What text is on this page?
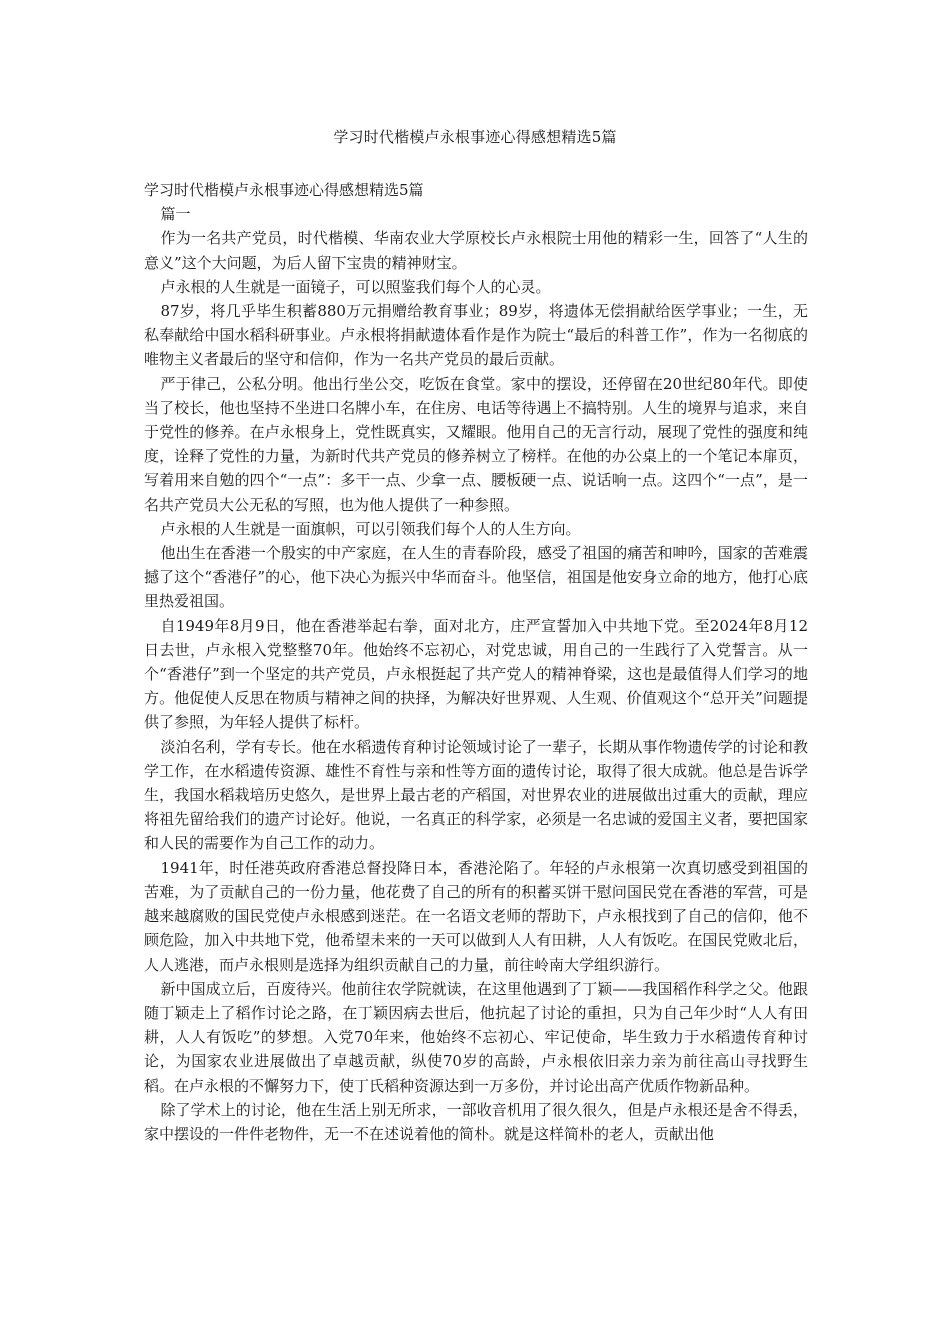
学习时代楷模卢永根事迹心得感想精选5篇

学习时代楷模卢永根事迹心得感想精选5篇

篇一

作为一名共产党员，时代楷模、华南农业大学原校长卢永根院士用他的精彩一生，回答了“人生的意义”这个大问题，为后人留下宝贵的精神财宝。

卢永根的人生就是一面镜子，可以照鉴我们每个人的心灵。

87岁，将几乎毕生积蓄880万元捐赠给教育事业；89岁，将遗体无偿捐献给医学事业；一生，无私奉献给中国水稻科研事业。卢永根将捐献遗体看作是作为院士“最后的科普工作”，作为一名彻底的唯物主义者最后的坚守和信仰，作为一名共产党员的最后贡献。

严于律己，公私分明。他出行坐公交，吃饭在食堂。家中的摆设，还停留在20世纪80年代。即使当了校长，他也坚持不坐进口名牌小车，在住房、电话等待遇上不搞特别。人生的境界与追求，来自于党性的修养。在卢永根身上，党性既真实，又耀眼。他用自己的无言行动，展现了党性的强度和纯度，诠释了党性的力量，为新时代共产党员的修养树立了榜样。在他的办公桌上的一个笔记本扉页，写着用来自勉的四个“一点”：多干一点、少拿一点、腰板硬一点、说话响一点。这四个“一点”，是一名共产党员大公无私的写照，也为他人提供了一种参照。

卢永根的人生就是一面旗帜，可以引领我们每个人的人生方向。

他出生在香港一个殷实的中产家庭，在人生的青春阶段，感受了祖国的痛苦和呻吟，国家的苦难震撼了这个“香港仔”的心，他下决心为振兴中华而奋斗。他坚信，祖国是他安身立命的地方，他打心底里热爱祖国。

自1949年8月9日，他在香港举起右拳，面对北方，庄严宣誓加入中共地下党。至2024年8月12日去世，卢永根入党整整70年。他始终不忘初心，对党忠诚，用自己的一生践行了入党誓言。从一个“香港仔”到一个坚定的共产党员，卢永根挺起了共产党人的精神脊梁，这也是最值得人们学习的地方。他促使人反思在物质与精神之间的抉择，为解决好世界观、人生观、价值观这个“总开关”问题提供了参照，为年轻人提供了标杆。

淡泊名利，学有专长。他在水稻遗传育种讨论领域讨论了一辈子，长期从事作物遗传学的讨论和教学工作，在水稻遗传资源、雄性不育性与亲和性等方面的遗传讨论，取得了很大成就。他总是告诉学生，我国水稻栽培历史悠久，是世界上最古老的产稻国，对世界农业的进展做出过重大的贡献，理应将祖先留给我们的遗产讨论好。他说，一名真正的科学家，必须是一名忠诚的爱国主义者，要把国家和人民的需要作为自己工作的动力。

1941年，时任港英政府香港总督投降日本，香港沦陷了。年轻的卢永根第一次真切感受到祖国的苦难，为了贡献自己的一份力量，他花费了自己的所有的积蓄买饼干慰问国民党在香港的军营，可是越来越腐败的国民党使卢永根感到迷茫。在一名语文老师的帮助下，卢永根找到了自己的信仰，他不顾危险，加入中共地下党，他希望未来的一天可以做到人人有田耕，人人有饭吃。在国民党败北后，人人逃港，而卢永根则是选择为组织贡献自己的力量，前往岭南大学组织游行。

新中国成立后，百废待兴。他前往农学院就读，在这里他遇到了丁颖——我国稻作科学之父。他跟随丁颖走上了稻作讨论之路，在丁颖因病去世后，他抗起了讨论的重担，只为自己年少时“人人有田耕，人人有饭吃”的梦想。入党70年来，他始终不忘初心、牢记使命，毕生致力于水稻遗传育种讨论，为国家农业进展做出了卓越贡献，纵使70岁的高龄，卢永根依旧亲力亲为前往高山寻找野生稻。在卢永根的不懈努力下，使丁氏稻种资源达到一万多份，并讨论出高产优质作物新品种。

除了学术上的讨论，他在生活上别无所求，一部收音机用了很久很久，但是卢永根还是舍不得丢，家中摆设的一件件老物件，无一不在述说着他的简朴。就是这样简朴的老人，贡献出他
